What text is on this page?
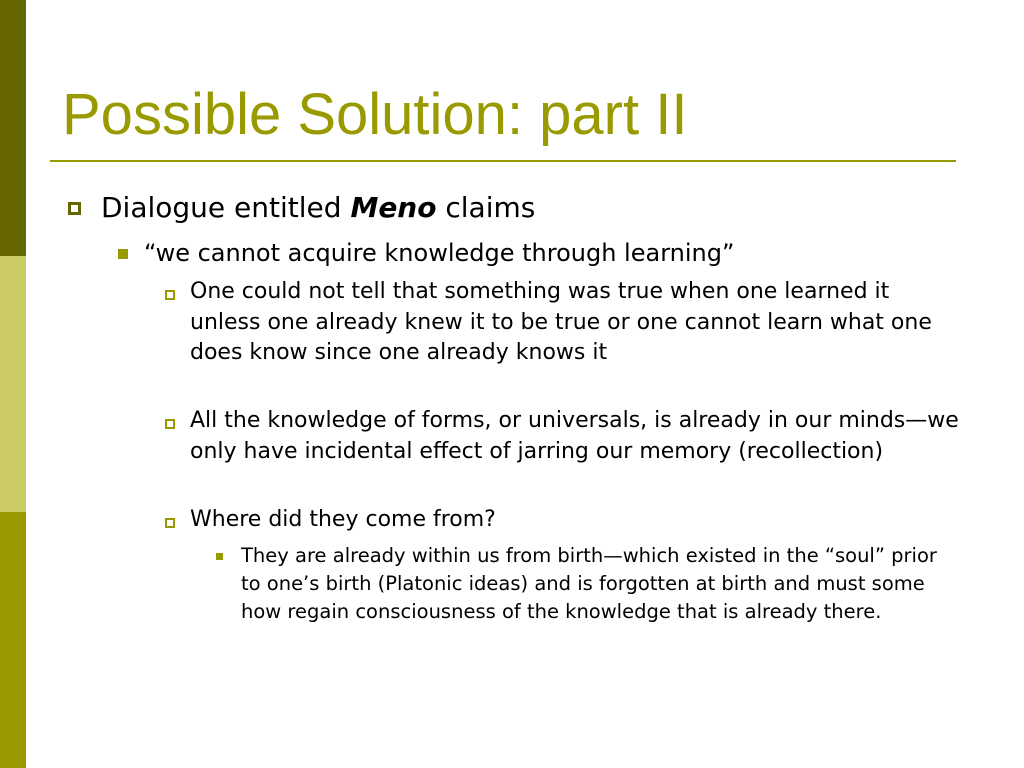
Possible Solution: part II
Dialogue entitled Meno claims
“we cannot acquire knowledge through learning”
One could not tell that something was true when one learned it unless one already knew it to be true or one cannot learn what one does know since one already knows it
All the knowledge of forms, or universals, is already in our minds—we only have incidental effect of jarring our memory (recollection)
Where did they come from?
They are already within us from birth—which existed in the “soul” prior to one’s birth (Platonic ideas) and is forgotten at birth and must some how regain consciousness of the knowledge that is already there.
